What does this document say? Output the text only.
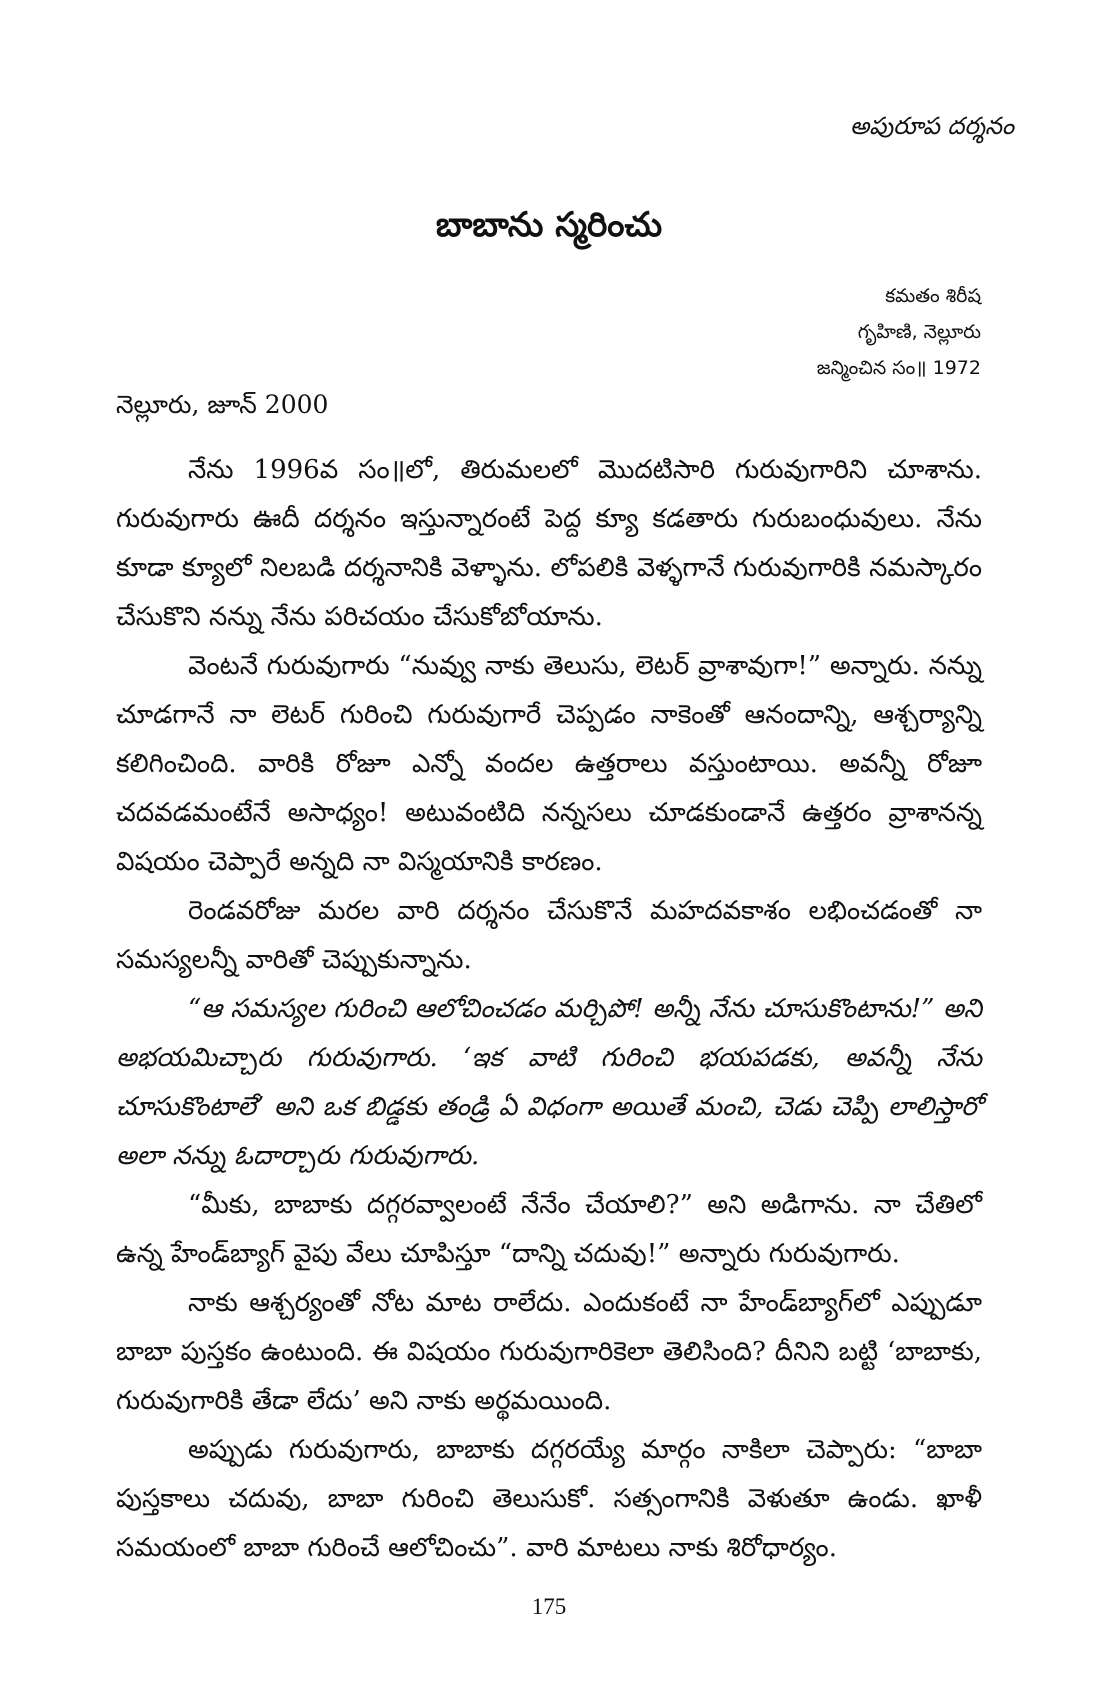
అపురూప దర్శనం
బాబాను స్మరించు
కమతం శిరీష
గృహిణి, నెల్లూరు
జన్మించిన సం॥ 1972
నెల్లూరు, జూన్ 2000

నేను 1996వ సం॥లో, తిరుమలలో మొదటిసారి గురువుగారిని చూశాను. గురువుగారు ఊదీ దర్శనం ఇస్తున్నారంటే పెద్ద క్యూ కడతారు గురుబంధువులు. నేను కూడా క్యూలో నిలబడి దర్శనానికి వెళ్ళాను. లోపలికి వెళ్ళగానే గురువుగారికి నమస్కారం చేసుకొని నన్ను నేను పరిచయం చేసుకోబోయాను.

వెంటనే గురువుగారు “నువ్వు నాకు తెలుసు, లెటర్ వ్రాశావుగా!” అన్నారు. నన్ను చూడగానే నా లెటర్ గురించి గురువుగారే చెప్పడం నాకెంతో ఆనందాన్ని, ఆశ్చర్యాన్ని కలిగించింది. వారికి రోజూ ఎన్నో వందల ఉత్తరాలు వస్తుంటాయి. అవన్నీ రోజూ చదవడమంటేనే అసాధ్యం! అటువంటిది నన్నసలు చూడకుండానే ఉత్తరం వ్రాశానన్న విషయం చెప్పారే అన్నది నా విస్మయానికి కారణం.

రెండవరోజు మరల వారి దర్శనం చేసుకొనే మహదవకాశం లభించడంతో నా సమస్యలన్నీ వారితో చెప్పుకున్నాను.

“ఆ సమస్యల గురించి ఆలోచించడం మర్చిపో! అన్నీ నేను చూసుకొంటాను!” అని అభయమిచ్చారు గురువుగారు. ‘ఇక వాటి గురించి భయపడకు, అవన్నీ నేను చూసుకొంటాలే’ అని ఒక బిడ్డకు తండ్రి ఏ విధంగా అయితే మంచి, చెడు చెప్పి లాలిస్తారో అలా నన్ను ఓదార్చారు గురువుగారు.

“మీకు, బాబాకు దగ్గరవ్వాలంటే నేనేం చేయాలి?” అని అడిగాను. నా చేతిలో ఉన్న హేండ్‌బ్యాగ్ వైపు వేలు చూపిస్తూ “దాన్ని చదువు!” అన్నారు గురువుగారు.

నాకు ఆశ్చర్యంతో నోట మాట రాలేదు. ఎందుకంటే నా హేండ్‌బ్యాగ్‌లో ఎప్పుడూ బాబా పుస్తకం ఉంటుంది. ఈ విషయం గురువుగారికెలా తెలిసింది? దీనిని బట్టి ‘బాబాకు, గురువుగారికి తేడా లేదు’ అని నాకు అర్థమయింది.

అప్పుడు గురువుగారు, బాబాకు దగ్గరయ్యే మార్గం నాకిలా చెప్పారు: “బాబా పుస్తకాలు చదువు, బాబా గురించి తెలుసుకో. సత్సంగానికి వెళుతూ ఉండు. ఖాళీ సమయంలో బాబా గురించే ఆలోచించు”. వారి మాటలు నాకు శిరోధార్యం.

175
